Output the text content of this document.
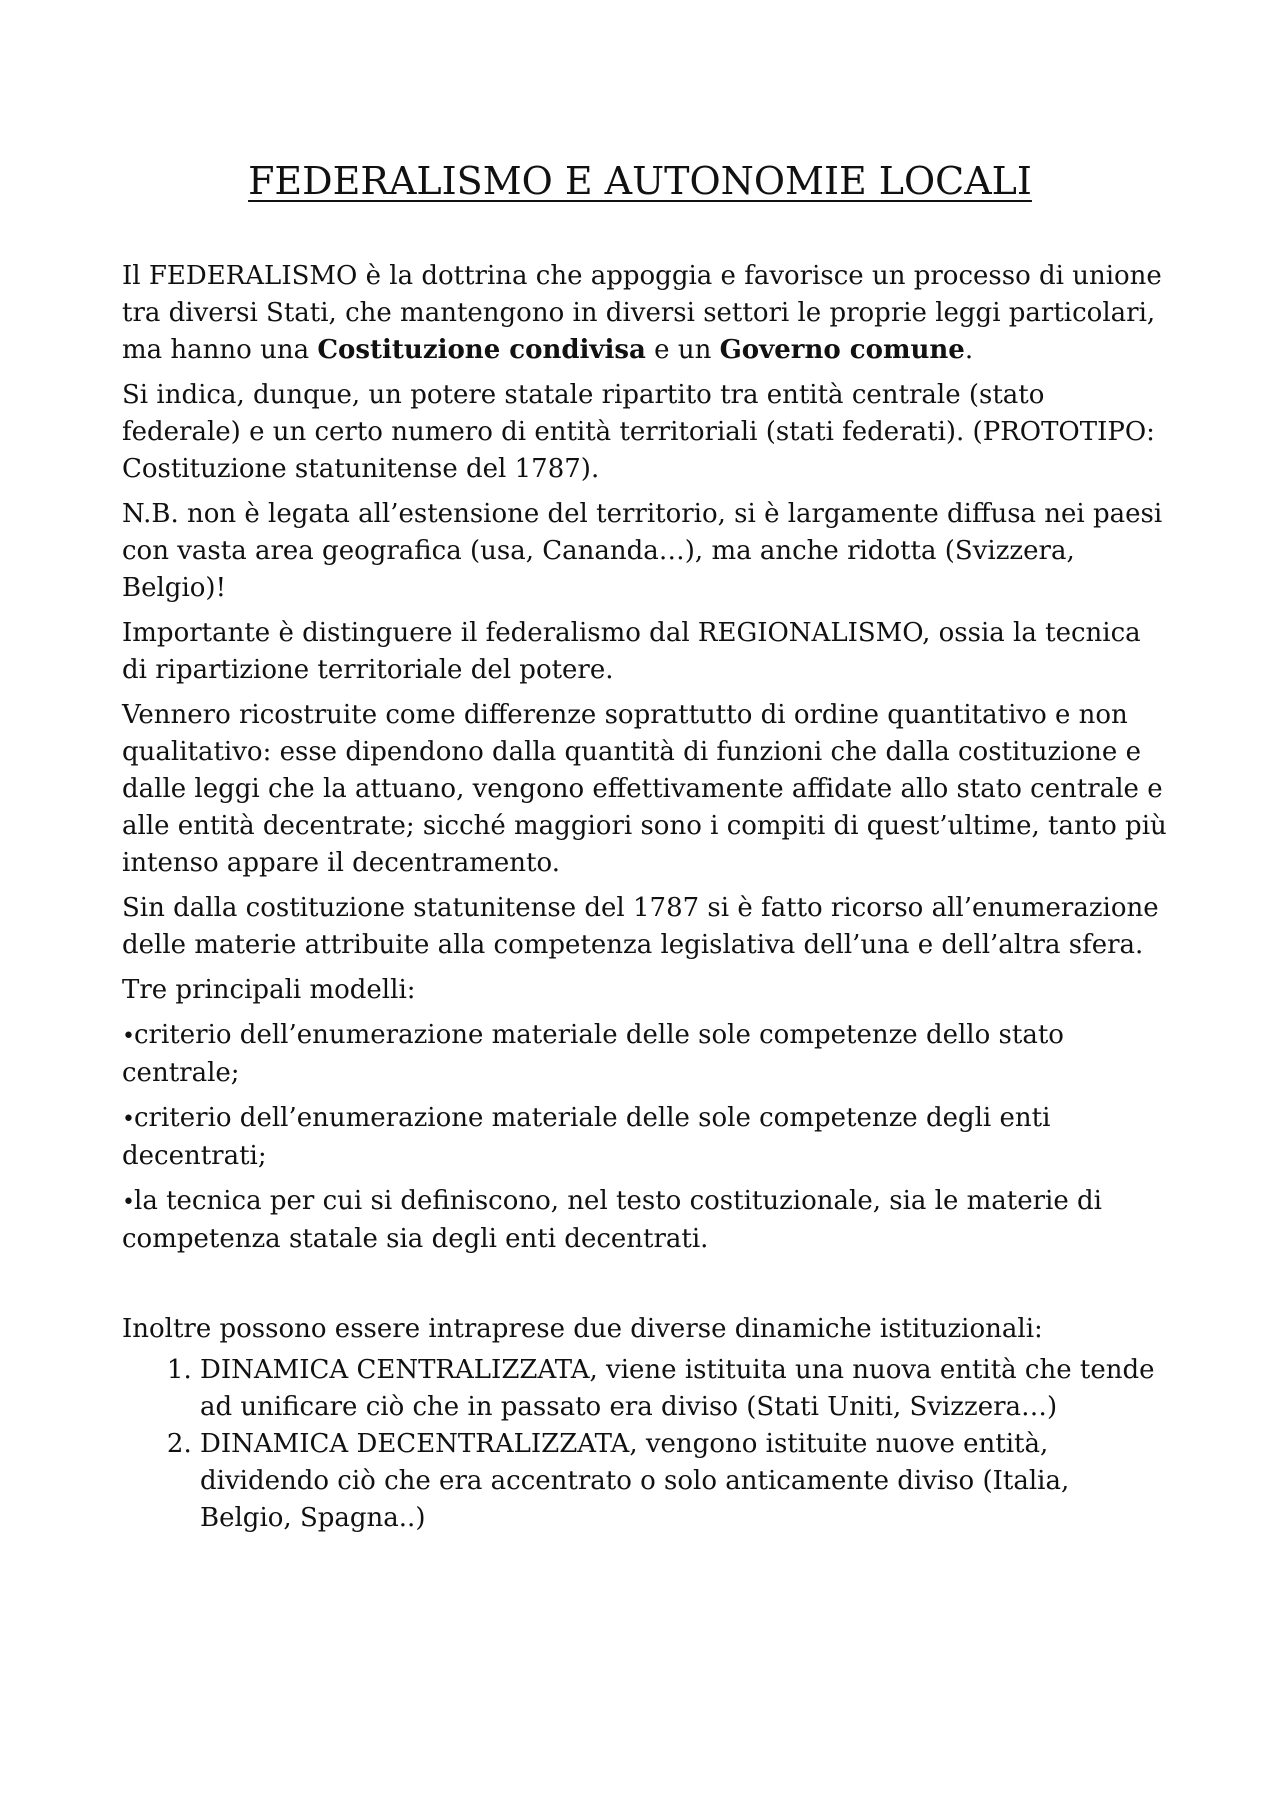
FEDERALISMO E AUTONOMIE LOCALI

Il FEDERALISMO è la dottrina che appoggia e favorisce un processo di unione tra diversi Stati, che mantengono in diversi settori le proprie leggi particolari, ma hanno una Costituzione condivisa e un Governo comune.

Si indica, dunque, un potere statale ripartito tra entità centrale (stato federale) e un certo numero di entità territoriali (stati federati). (PROTOTIPO: Costituzione statunitense del 1787).

N.B. non è legata all’estensione del territorio, si è largamente diffusa nei paesi con vasta area geografica (usa, Cananda…), ma anche ridotta (Svizzera, Belgio)!

Importante è distinguere il federalismo dal REGIONALISMO, ossia la tecnica di ripartizione territoriale del potere.

Vennero ricostruite come differenze soprattutto di ordine quantitativo e non qualitativo: esse dipendono dalla quantità di funzioni che dalla costituzione e dalle leggi che la attuano, vengono effettivamente affidate allo stato centrale e alle entità decentrate; sicché maggiori sono i compiti di quest’ultime, tanto più intenso appare il decentramento.

Sin dalla costituzione statunitense del 1787 si è fatto ricorso all’enumerazione delle materie attribuite alla competenza legislativa dell’una e dell’altra sfera.

Tre principali modelli:

•criterio dell’enumerazione materiale delle sole competenze dello stato centrale;
•criterio dell’enumerazione materiale delle sole competenze degli enti decentrati;
•la tecnica per cui si definiscono, nel testo costituzionale, sia le materie di competenza statale sia degli enti decentrati.

Inoltre possono essere intraprese due diverse dinamiche istituzionali:

1. DINAMICA CENTRALIZZATA, viene istituita una nuova entità che tende ad unificare ciò che in passato era diviso (Stati Uniti, Svizzera…)
2. DINAMICA DECENTRALIZZATA, vengono istituite nuove entità, dividendo ciò che era accentrato o solo anticamente diviso (Italia, Belgio, Spagna..)
